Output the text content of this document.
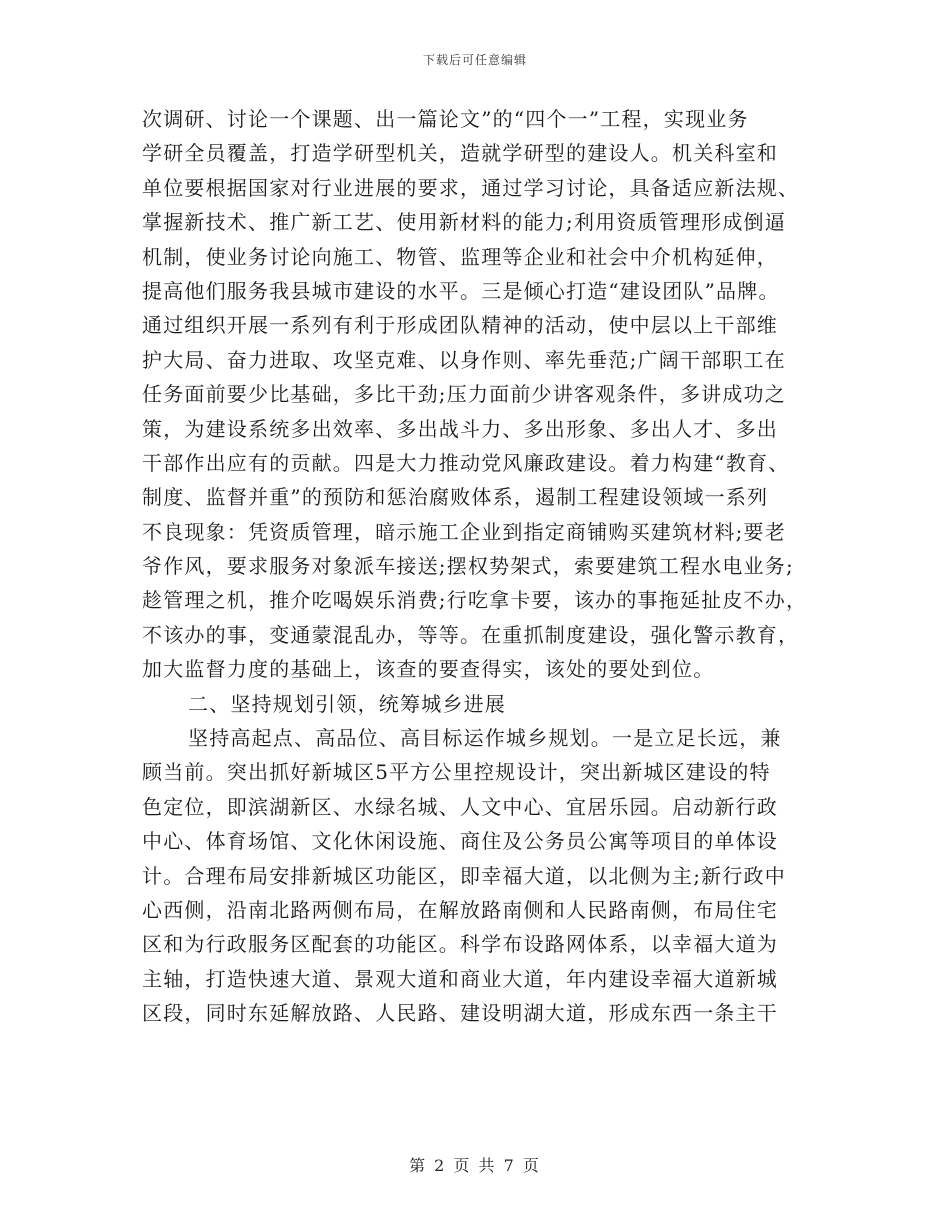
下载后可任意编辑
次调研、讨论一个课题、出一篇论文”的“四个一”工程，实现业务
学研全员覆盖，打造学研型机关，造就学研型的建设人。机关科室和
单位要根据国家对行业进展的要求，通过学习讨论，具备适应新法规、
掌握新技术、推广新工艺、使用新材料的能力;利用资质管理形成倒逼
机制，使业务讨论向施工、物管、监理等企业和社会中介机构延伸，
提高他们服务我县城市建设的水平。三是倾心打造“建设团队”品牌。
通过组织开展一系列有利于形成团队精神的活动，使中层以上干部维
护大局、奋力进取、攻坚克难、以身作则、率先垂范;广阔干部职工在
任务面前要少比基础，多比干劲;压力面前少讲客观条件，多讲成功之
策，为建设系统多出效率、多出战斗力、多出形象、多出人才、多出
干部作出应有的贡献。四是大力推动党风廉政建设。着力构建“教育、
制度、监督并重”的预防和惩治腐败体系，遏制工程建设领域一系列
不良现象：凭资质管理，暗示施工企业到指定商铺购买建筑材料;要老
爷作风，要求服务对象派车接送;摆权势架式，索要建筑工程水电业务;
趁管理之机，推介吃喝娱乐消费;行吃拿卡要，该办的事拖延扯皮不办，
不该办的事，变通蒙混乱办，等等。在重抓制度建设，强化警示教育，
加大监督力度的基础上，该查的要查得实，该处的要处到位。
二、坚持规划引领，统筹城乡进展
坚持高起点、高品位、高目标运作城乡规划。一是立足长远，兼
顾当前。突出抓好新城区5平方公里控规设计，突出新城区建设的特
色定位，即滨湖新区、水绿名城、人文中心、宜居乐园。启动新行政
中心、体育场馆、文化休闲设施、商住及公务员公寓等项目的单体设
计。合理布局安排新城区功能区，即幸福大道，以北侧为主;新行政中
心西侧，沿南北路两侧布局，在解放路南侧和人民路南侧，布局住宅
区和为行政服务区配套的功能区。科学布设路网体系，以幸福大道为
主轴，打造快速大道、景观大道和商业大道，年内建设幸福大道新城
区段，同时东延解放路、人民路、建设明湖大道，形成东西一条主干
第 2 页 共 7 页
